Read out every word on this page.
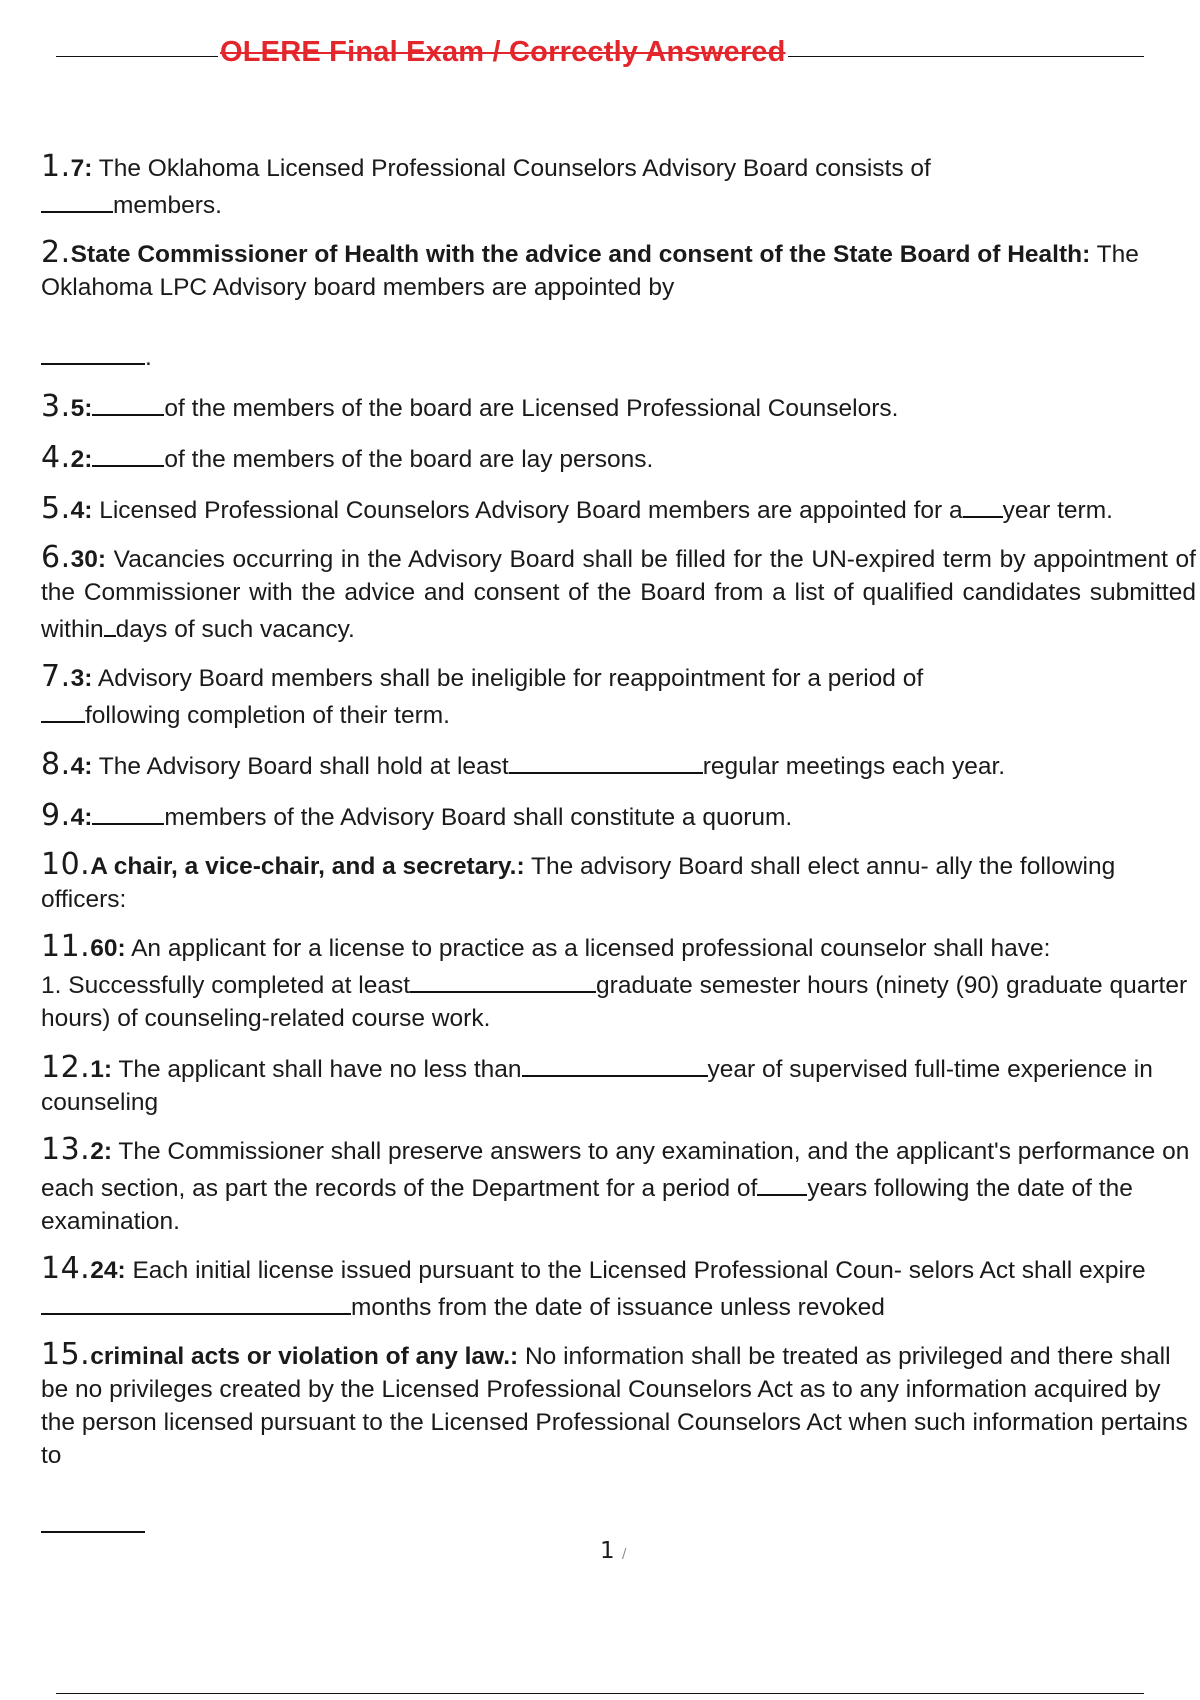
OLERE Final Exam / Correctly Answered

1.7: The Oklahoma Licensed Professional Counselors Advisory Board consists of
members.

2.State Commissioner of Health with the advice and consent of the State Board of Health: The Oklahoma LPC Advisory board members are appointed by

.

3.5:	of the members of the board are Licensed Professional Counselors.

4.2:	of the members of the board are lay persons.

5.4: Licensed Professional Counselors Advisory Board members are appointed for a year term.

6.30: Vacancies occurring in the Advisory Board shall be filled for the UN-expired term by appointment of the Commissioner with the advice and consent of the Board from a list of qualified candidates submitted within days of such vacancy.

7.3: Advisory Board members shall be ineligible for reappointment for a period of
following completion of their term.

8.4: The Advisory Board shall hold at least	regular meetings each year.

9.4:	members of the Advisory Board shall constitute a quorum.

10.A chair, a vice-chair, and a secretary.: The advisory Board shall elect annu- ally the following officers:

11.60: An applicant for a license to practice as a licensed professional counselor shall have:
1. Successfully completed at least	graduate semester hours (ninety (90) graduate quarter hours) of counseling-related course work.

12.1: The applicant shall have no less than	year of supervised full-time experience in counseling

13.2: The Commissioner shall preserve answers to any examination, and the applicant's performance on each section, as part the records of the Department for a period of years following the date of the examination.

14.24: Each initial license issued pursuant to the Licensed Professional Coun- selors Act shall expiremonths from the date of issuance unless revoked

15.criminal acts or violation of any law.: No information shall be treated as privileged and there shall be no privileges created by the Licensed Professional Counselors Act as to any information acquired by the person licensed pursuant to the Licensed Professional Counselors Act when such information pertains to

1 /
